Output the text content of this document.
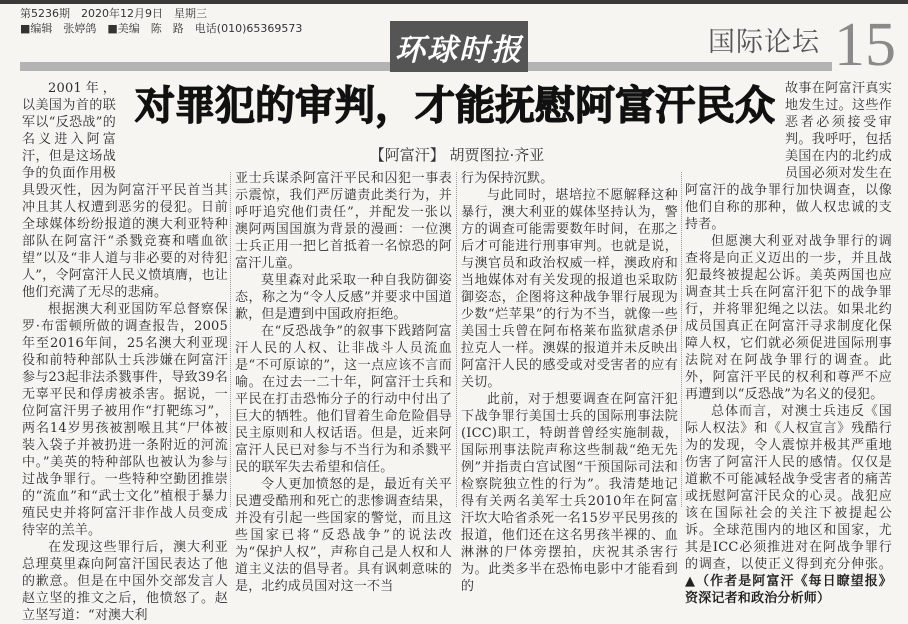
第5236期　2020年12月9日　星期三
■编辑　张婷鸽　■美编　陈　路　电话(010)65369573
环球时报	国际论坛 15
对罪犯的审判，才能抚慰阿富汗民众
【阿富汗】 胡贾图拉·齐亚

2001年，以美国为首的联军以“反恐战”的名义进入阿富汗，但是这场战争的负面作用极具毁灭性，因为阿富汗平民首当其冲且其人权遭到恶劣的侵犯。日前全球媒体纷纷报道的澳大利亚特种部队在阿富汗“杀戮竞赛和嗜血欲望”以及“非人道与非必要的对待犯人”，令阿富汗人民义愤填膺，也让他们充满了无尽的悲痛。

根据澳大利亚国防军总督察保罗·布雷顿所做的调查报告，2005年至2016年间，25名澳大利亚现役和前特种部队士兵涉嫌在阿富汗参与23起非法杀戮事件，导致39名无辜平民和俘虏被杀害。据说，一位阿富汗男子被用作“打靶练习”，两名14岁男孩被割喉且其“尸体被装入袋子并被扔进一条附近的河流中。”美英的特种部队也被认为参与过战争罪行。一些特种空勤团推崇的“流血”和“武士文化”植根于暴力殖民史并将阿富汗非作战人员变成待宰的羔羊。

在发现这些罪行后，澳大利亚总理莫里森向阿富汗国民表达了他的歉意。但是在中国外交部发言人赵立坚的推文之后，他愤怒了。赵立坚写道：“对澳大利

亚士兵谋杀阿富汗平民和囚犯一事表示震惊，我们严厉谴责此类行为，并呼吁追究他们责任”，并配发一张以澳阿两国国旗为背景的漫画：一位澳士兵正用一把匕首抵着一名惊恐的阿富汗儿童。

莫里森对此采取一种自我防御姿态，称之为“令人反感”并要求中国道歉，但是遭到中国政府拒绝。

在“反恐战争”的叙事下践踏阿富汗人民的人权、让非战斗人员流血是“不可原谅的”，这一点应该不言而喻。在过去一二十年，阿富汗士兵和平民在打击恐怖分子的行动中付出了巨大的牺牲。他们冒着生命危险倡导民主原则和人权话语。但是，近来阿富汗人民已对参与不当行为和杀戮平民的联军失去希望和信任。

令人更加愤怒的是，最近有关平民遭受酷刑和死亡的悲惨调查结果，并没有引起一些国家的警觉，而且这些国家已将“反恐战争”的说法改为“保护人权”，声称自己是人权和人道主义法的倡导者。具有讽刺意味的是，北约成员国对这一不当

行为保持沉默。

与此同时，堪培拉不愿解释这种暴行，澳大利亚的媒体坚持认为，警方的调查可能需要数年时间，在那之后才可能进行刑事审判。也就是说，与澳官员和政治权威一样，澳政府和当地媒体对有关发现的报道也采取防御姿态，企图将这种战争罪行展现为少数“烂苹果”的行为不当，就像一些美国士兵曾在阿布格莱布监狱虐杀伊拉克人一样。澳媒的报道并未反映出阿富汗人民的感受或对受害者的应有关切。

此前，对于想要调查在阿富汗犯下战争罪行美国士兵的国际刑事法院(ICC)职工，特朗普曾经实施制裁，国际刑事法院声称这些制裁“绝无先例”并指责白宫试图“干预国际司法和检察院独立性的行为”。我清楚地记得有关两名美军士兵2010年在阿富汗坎大哈省杀死一名15岁平民男孩的报道，他们还在这名男孩半裸的、血淋淋的尸体旁摆拍，庆祝其杀害行为。此类多半在恐怖电影中才能看到的

故事在阿富汗真实地发生过。这些作恶者必须接受审判。我呼吁，包括美国在内的北约成员国必须对发生在阿富汗的战争罪行加快调查，以像他们自称的那种，做人权忠诚的支持者。

但愿澳大利亚对战争罪行的调查将是向正义迈出的一步，并且战犯最终被提起公诉。美英两国也应调查其士兵在阿富汗犯下的战争罪行，并将罪犯绳之以法。如果北约成员国真正在阿富汗寻求制度化保障人权，它们就必须促进国际刑事法院对在阿战争罪行的调查。此外，阿富汗平民的权利和尊严不应再遭到以“反恐战”为名义的侵犯。

总体而言，对澳士兵违反《国际人权法》和《人权宣言》残酷行为的发现，令人震惊并极其严重地伤害了阿富汗人民的感情。仅仅是道歉不可能减轻战争受害者的痛苦或抚慰阿富汗民众的心灵。战犯应该在国际社会的关注下被提起公诉。全球范围内的地区和国家，尤其是ICC必须推进对在阿战争罪行的调查，以使正义得到充分伸张。▲（作者是阿富汗《每日瞭望报》资深记者和政治分析师）
